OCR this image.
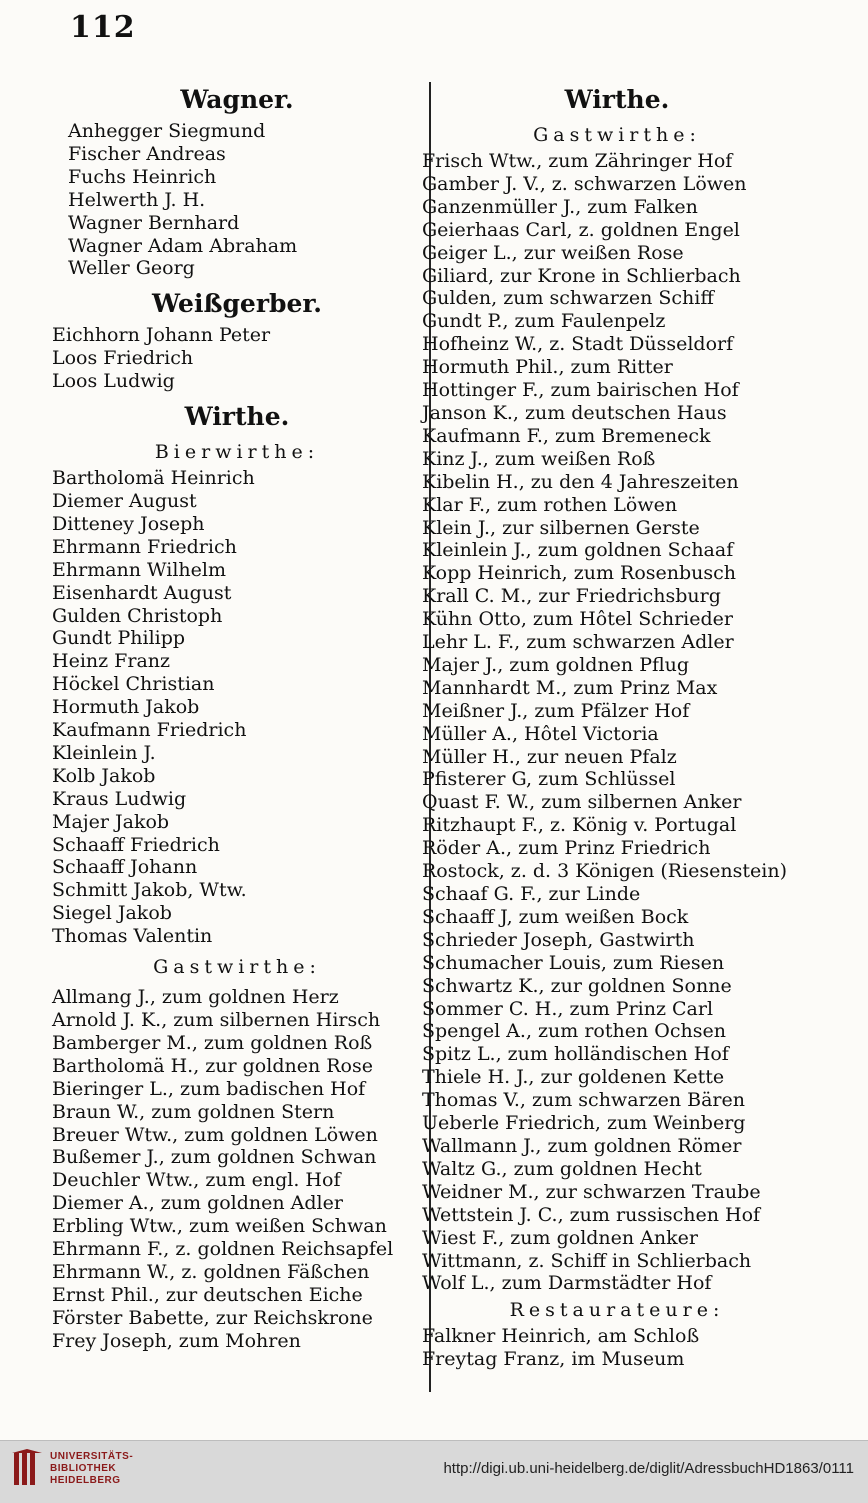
112
Wagner.
Anhegger Siegmund
Fischer Andreas
Fuchs Heinrich
Helwerth J. H.
Wagner Bernhard
Wagner Adam Abraham
Weller Georg
Weißgerber.
Eichhorn Johann Peter
Loos Friedrich
Loos Ludwig
Wirthe.
Bierwirthe:
Bartholomä Heinrich
Diemer August
Ditteney Joseph
Ehrmann Friedrich
Ehrmann Wilhelm
Eisenhardt August
Gulden Christoph
Gundt Philipp
Heinz Franz
Höckel Christian
Hormuth Jakob
Kaufmann Friedrich
Kleinlein J.
Kolb Jakob
Kraus Ludwig
Majer Jakob
Schaaff Friedrich
Schaaff Johann
Schmitt Jakob, Wtw.
Siegel Jakob
Thomas Valentin
Gastwirthe:
Allmang J., zum goldnen Herz
Arnold J. K., zum silbernen Hirsch
Bamberger M., zum goldnen Roß
Bartholomä H., zur goldnen Rose
Bieringer L., zum badischen Hof
Braun W., zum goldnen Stern
Breuer Wtw., zum goldnen Löwen
Bußemer J., zum goldnen Schwan
Deuchler Wtw., zum engl. Hof
Diemer A., zum goldnen Adler
Erbling Wtw., zum weißen Schwan
Ehrmann F., z. goldnen Reichsapfel
Ehrmann W., z. goldnen Fäßchen
Ernst Phil., zur deutschen Eiche
Förster Babette, zur Reichskrone
Frey Joseph, zum Mohren
Wirthe.
Gastwirthe:
Frisch Wtw., zum Zähringer Hof
Gamber J. V., z. schwarzen Löwen
Ganzenmüller J., zum Falken
Geierhaas Carl, z. goldnen Engel
Geiger L., zur weißen Rose
Giliard, zur Krone in Schlierbach
Gulden, zum schwarzen Schiff
Gundt P., zum Faulenpelz
Hofheinz W., z. Stadt Düsseldorf
Hormuth Phil., zum Ritter
Hottinger F., zum bairischen Hof
Janson K., zum deutschen Haus
Kaufmann F., zum Bremeneck
Kinz J., zum weißen Roß
Kibelin H., zu den 4 Jahreszeiten
Klar F., zum rothen Löwen
Klein J., zur silbernen Gerste
Kleinlein J., zum goldnen Schaaf
Kopp Heinrich, zum Rosenbusch
Krall C. M., zur Friedrichsburg
Kühn Otto, zum Hôtel Schrieder
Lehr L. F., zum schwarzen Adler
Majer J., zum goldnen Pflug
Mannhardt M., zum Prinz Max
Meißner J., zum Pfälzer Hof
Müller A., Hôtel Victoria
Müller H., zur neuen Pfalz
Pfisterer G, zum Schlüssel
Quast F. W., zum silbernen Anker
Ritzhaupt F., z. König v. Portugal
Röder A., zum Prinz Friedrich
Rostock, z. d. 3 Königen (Riesenstein)
Schaaf G. F., zur Linde
Schaaff J, zum weißen Bock
Schrieder Joseph, Gastwirth
Schumacher Louis, zum Riesen
Schwartz K., zur goldnen Sonne
Sommer C. H., zum Prinz Carl
Spengel A., zum rothen Ochsen
Spitz L., zum holländischen Hof
Thiele H. J., zur goldenen Kette
Thomas V., zum schwarzen Bären
Ueberle Friedrich, zum Weinberg
Wallmann J., zum goldnen Römer
Waltz G., zum goldnen Hecht
Weidner M., zur schwarzen Traube
Wettstein J. C., zum russischen Hof
Wiest F., zum goldnen Anker
Wittmann, z. Schiff in Schlierbach
Wolf L., zum Darmstädter Hof
Restaurateure:
Falkner Heinrich, am Schloß
Freytag Franz, im Museum
UNIVERSITÄTS-
BIBLIOTHEK
HEIDELBERG
http://digi.ub.uni-heidelberg.de/diglit/AdressbuchHD1863/0111
